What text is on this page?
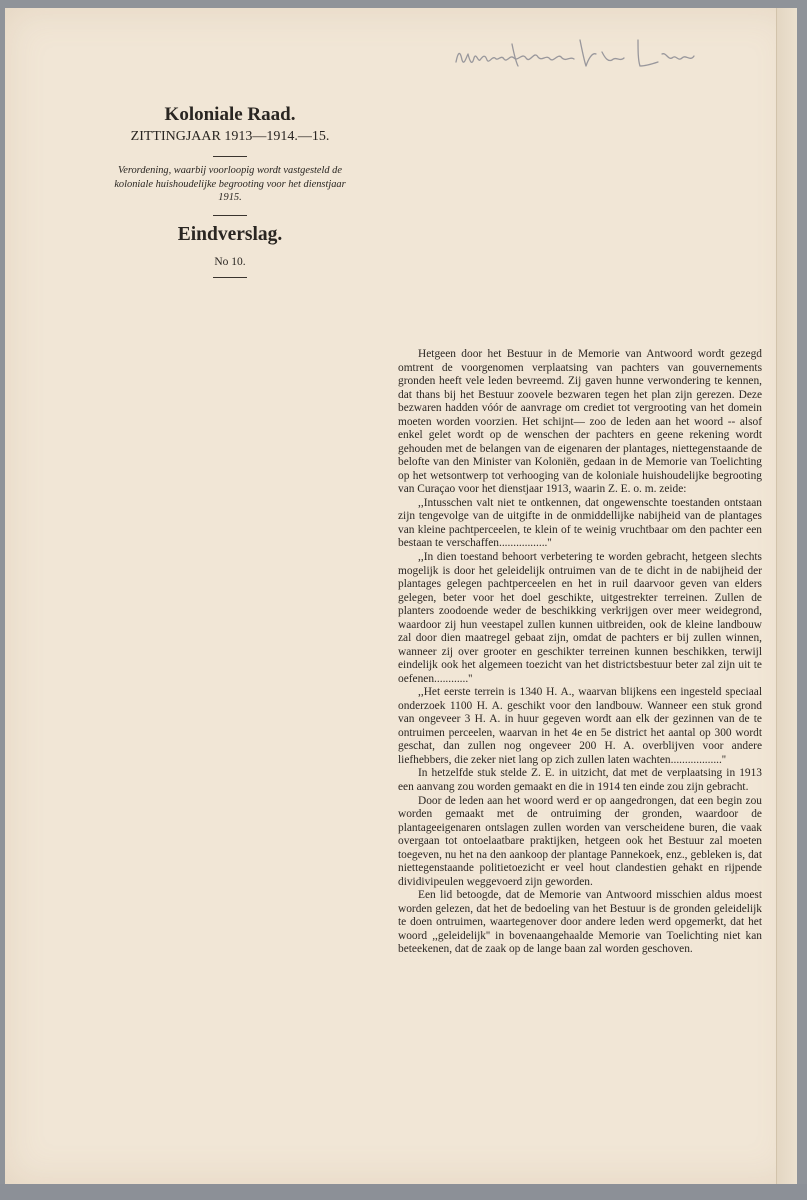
Koloniale Raad.

ZITTINGJAAR 1913—1914.—15.

Verordening, waarbij voorloopig wordt vastgesteld de koloniale huishoudelijke begrooting voor het dienstjaar 1915.

Eindverslag.

No 10.

Hetgeen door het Bestuur in de Memorie van Antwoord wordt gezegd omtrent de voorgenomen verplaatsing van pachters van gouvernements gronden heeft vele leden bevreemd. Zij gaven hunne verwondering te kennen, dat thans bij het Bestuur zoovele bezwaren tegen het plan zijn gerezen. Deze bezwaren hadden vóór de aanvrage om crediet tot vergrooting van het domein moeten worden voorzien. Het schijnt— zoo de leden aan het woord -- alsof enkel gelet wordt op de wenschen der pachters en geene rekening wordt gehouden met de belangen van de eigenaren der plantages, niettegenstaande de belofte van den Minister van Koloniën, gedaan in de Memorie van Toelichting op het wetsontwerp tot verhooging van de koloniale huishoudelijke begrooting van Curaçao voor het dienstjaar 1913, waarin Z. E. o. m. zeide:

,,Intusschen valt niet te ontkennen, dat ongewenschte toestanden ontstaan zijn tengevolge van de uitgifte in de onmiddellijke nabijheid van de plantages van kleine pachtperceelen, te klein of te weinig vruchtbaar om den pachter een bestaan te verschaffen.................''

,,In dien toestand behoort verbetering te worden gebracht, hetgeen slechts mogelijk is door het geleidelijk ontruimen van de te dicht in de nabijheid der plantages gelegen pachtperceelen en het in ruil daarvoor geven van elders gelegen, beter voor het doel geschikte, uitgestrekter terreinen. Zullen de planters zoodoende weder de beschikking verkrijgen over meer weidegrond, waardoor zij hun veestapel zullen kunnen uitbreiden, ook de kleine landbouw zal door dien maatregel gebaat zijn, omdat de pachters er bij zullen winnen, wanneer zij over grooter en geschikter terreinen kunnen beschikken, terwijl eindelijk ook het algemeen toezicht van het districtsbestuur beter zal zijn uit te oefenen............''

,,Het eerste terrein is 1340 H. A., waarvan blijkens een ingesteld speciaal onderzoek 1100 H. A. geschikt voor den landbouw. Wanneer een stuk grond van ongeveer 3 H. A. in huur gegeven wordt aan elk der gezinnen van de te ontruimen perceelen, waarvan in het 4e en 5e district het aantal op 300 wordt geschat, dan zullen nog ongeveer 200 H. A. overblijven voor andere liefhebbers, die zeker niet lang op zich zullen laten wachten..................''

In hetzelfde stuk stelde Z. E. in uitzicht, dat met de verplaatsing in 1913 een aanvang zou worden gemaakt en die in 1914 ten einde zou zijn gebracht.

Door de leden aan het woord werd er op aangedrongen, dat een begin zou worden gemaakt met de ontruiming der gronden, waardoor de plantageeigenaren ontslagen zullen worden van verscheidene buren, die vaak overgaan tot ontoelaatbare praktijken, hetgeen ook het Bestuur zal moeten toegeven, nu het na den aankoop der plantage Pannekoek, enz., gebleken is, dat niettegenstaande politietoezicht er veel hout clandestien gehakt en rijpende dividivipeulen weggevoerd zijn geworden.

Een lid betoogde, dat de Memorie van Antwoord misschien aldus moest worden gelezen, dat het de bedoeling van het Bestuur is de gronden geleidelijk te doen ontruimen, waartegenover door andere leden werd opgemerkt, dat het woord ,,geleidelijk'' in bovenaangehaalde Memorie van Toelichting niet kan beteekenen, dat de zaak op de lange baan zal worden geschoven.
